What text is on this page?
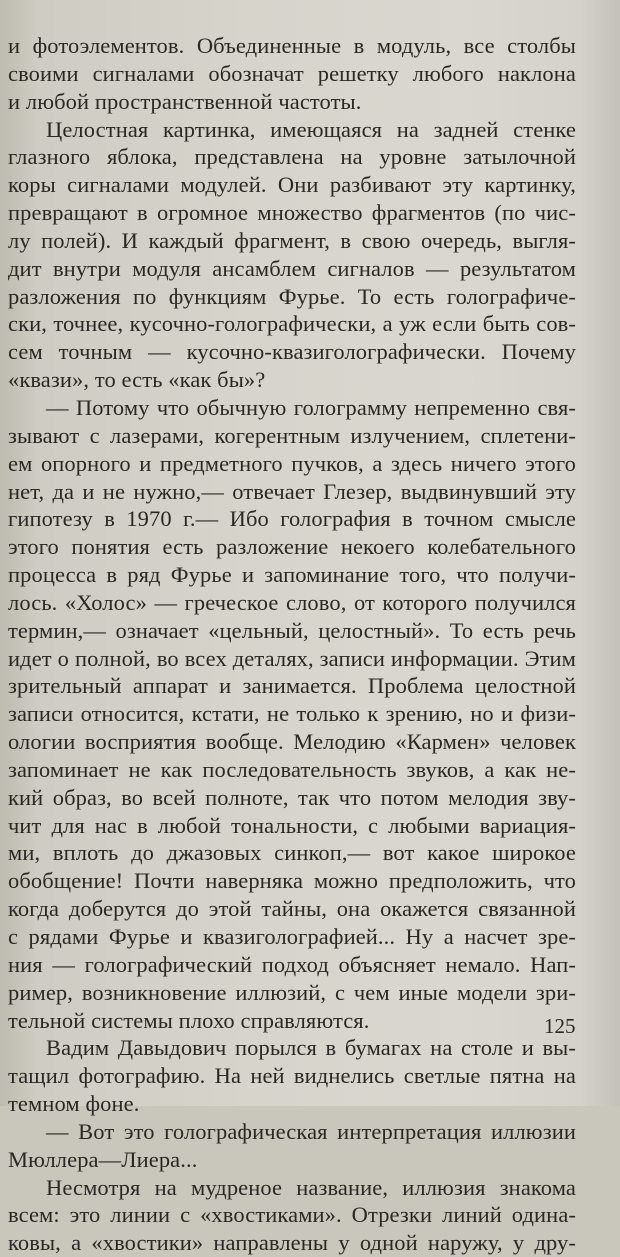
и фотоэлементов. Объединенные в модуль, все столбы
своими сигналами обозначат решетку любого наклона
и любой пространственной частоты.
Целостная картинка, имеющаяся на задней стенке
глазного яблока, представлена на уровне затылочной
коры сигналами модулей. Они разбивают эту картинку,
превращают в огромное множество фрагментов (по чис-
лу полей). И каждый фрагмент, в свою очередь, выгля-
дит внутри модуля ансамблем сигналов — результатом
разложения по функциям Фурье. То есть голографиче-
ски, точнее, кусочно-голографически, а уж если быть сов-
сем точным — кусочно-квазиголографически. Почему
«квази», то есть «как бы»?
— Потому что обычную голограмму непременно свя-
зывают с лазерами, когерентным излучением, сплетени-
ем опорного и предметного пучков, а здесь ничего этого
нет, да и не нужно,— отвечает Глезер, выдвинувший эту
гипотезу в 1970 г.— Ибо голография в точном смысле
этого понятия есть разложение некоего колебательного
процесса в ряд Фурье и запоминание того, что получи-
лось. «Холос» — греческое слово, от которого получился
термин,— означает «цельный, целостный». То есть речь
идет о полной, во всех деталях, записи информации. Этим
зрительный аппарат и занимается. Проблема целостной
записи относится, кстати, не только к зрению, но и физи-
ологии восприятия вообще. Мелодию «Кармен» человек
запоминает не как последовательность звуков, а как не-
кий образ, во всей полноте, так что потом мелодия зву-
чит для нас в любой тональности, с любыми вариация-
ми, вплоть до джазовых синкоп,— вот какое широкое
обобщение! Почти наверняка можно предположить, что
когда доберутся до этой тайны, она окажется связанной
с рядами Фурье и квазиголографией... Ну а насчет зре-
ния — голографический подход объясняет немало. Нап-
ример, возникновение иллюзий, с чем иные модели зри-
тельной системы плохо справляются.
Вадим Давыдович порылся в бумагах на столе и вы-
тащил фотографию. На ней виднелись светлые пятна на
темном фоне.
— Вот это голографическая интерпретация иллюзии
Мюллера—Лиера...
Несмотря на мудреное название, иллюзия знакома
всем: это линии с «хвостиками». Отрезки линий одина-
ковы, а «хвостики» направлены у одной наружу, у дру-
125
